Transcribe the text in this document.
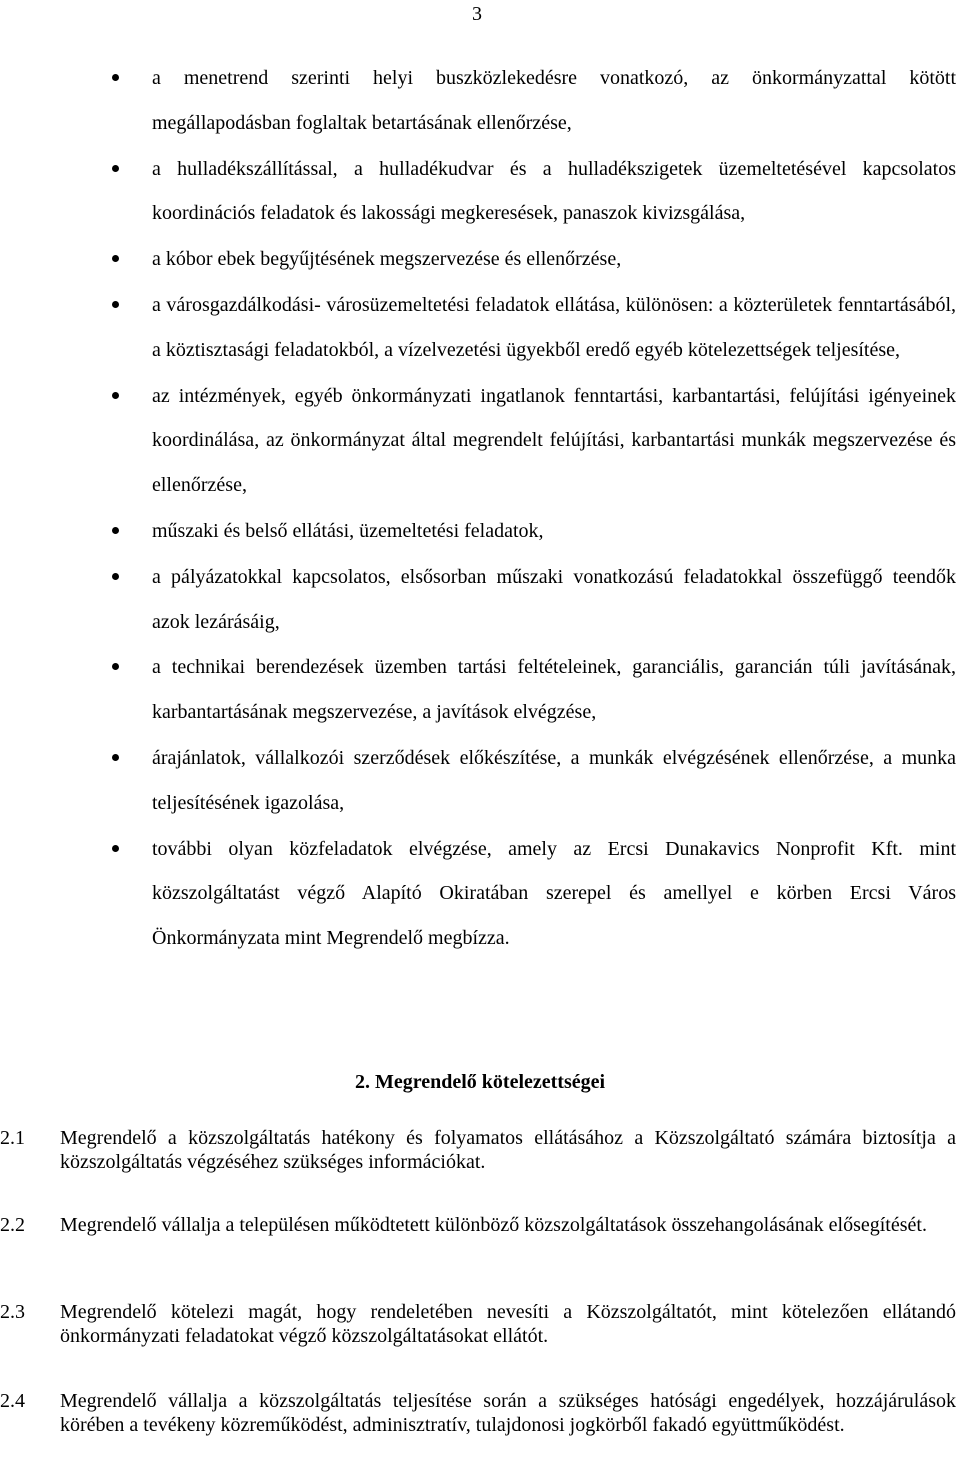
3
a menetrend szerinti helyi buszközlekedésre vonatkozó, az önkormányzattal kötött megállapodásban foglaltak betartásának ellenőrzése,
a hulladékszállítással, a hulladékudvar és a hulladékszigetek üzemeltetésével kapcsolatos koordinációs feladatok és lakossági megkeresések, panaszok kivizsgálása,
a kóbor ebek begyűjtésének megszervezése és ellenőrzése,
a városgazdálkodási- városüzemeltetési feladatok ellátása, különösen: a közterületek fenntartásából, a köztisztasági feladatokból, a vízelvezetési ügyekből eredő egyéb kötelezettségek teljesítése,
az intézmények, egyéb önkormányzati ingatlanok fenntartási, karbantartási, felújítási igényeinek koordinálása, az önkormányzat által megrendelt felújítási, karbantartási munkák megszervezése és ellenőrzése,
műszaki és belső ellátási, üzemeltetési feladatok,
a pályázatokkal kapcsolatos, elsősorban műszaki vonatkozású feladatokkal összefüggő teendők azok lezárásáig,
a technikai berendezések üzemben tartási feltételeinek, garanciális, garancián túli javításának, karbantartásának megszervezése, a javítások elvégzése,
árajánlatok, vállalkozói szerződések előkészítése, a munkák elvégzésének ellenőrzése, a munka teljesítésének igazolása,
további olyan közfeladatok elvégzése, amely az Ercsi Dunakavics Nonprofit Kft. mint közszolgáltatást végző Alapító Okiratában szerepel és amellyel e körben Ercsi Város Önkormányzata mint Megrendelő megbízza.
2. Megrendelő kötelezettségei
2.1 Megrendelő a közszolgáltatás hatékony és folyamatos ellátásához a Közszolgáltató számára biztosítja a közszolgáltatás végzéséhez szükséges információkat.
2.2 Megrendelő vállalja a településen működtetett különböző közszolgáltatások összehangolásának elősegítését.
2.3 Megrendelő kötelezi magát, hogy rendeletében nevesíti a Közszolgáltatót, mint kötelezően ellátandó önkormányzati feladatokat végző közszolgáltatásokat ellátót.
2.4 Megrendelő vállalja a közszolgáltatás teljesítése során a szükséges hatósági engedélyek, hozzájárulások körében a tevékeny közreműködést, adminisztratív, tulajdonosi jogkörből fakadó együttműködést.
